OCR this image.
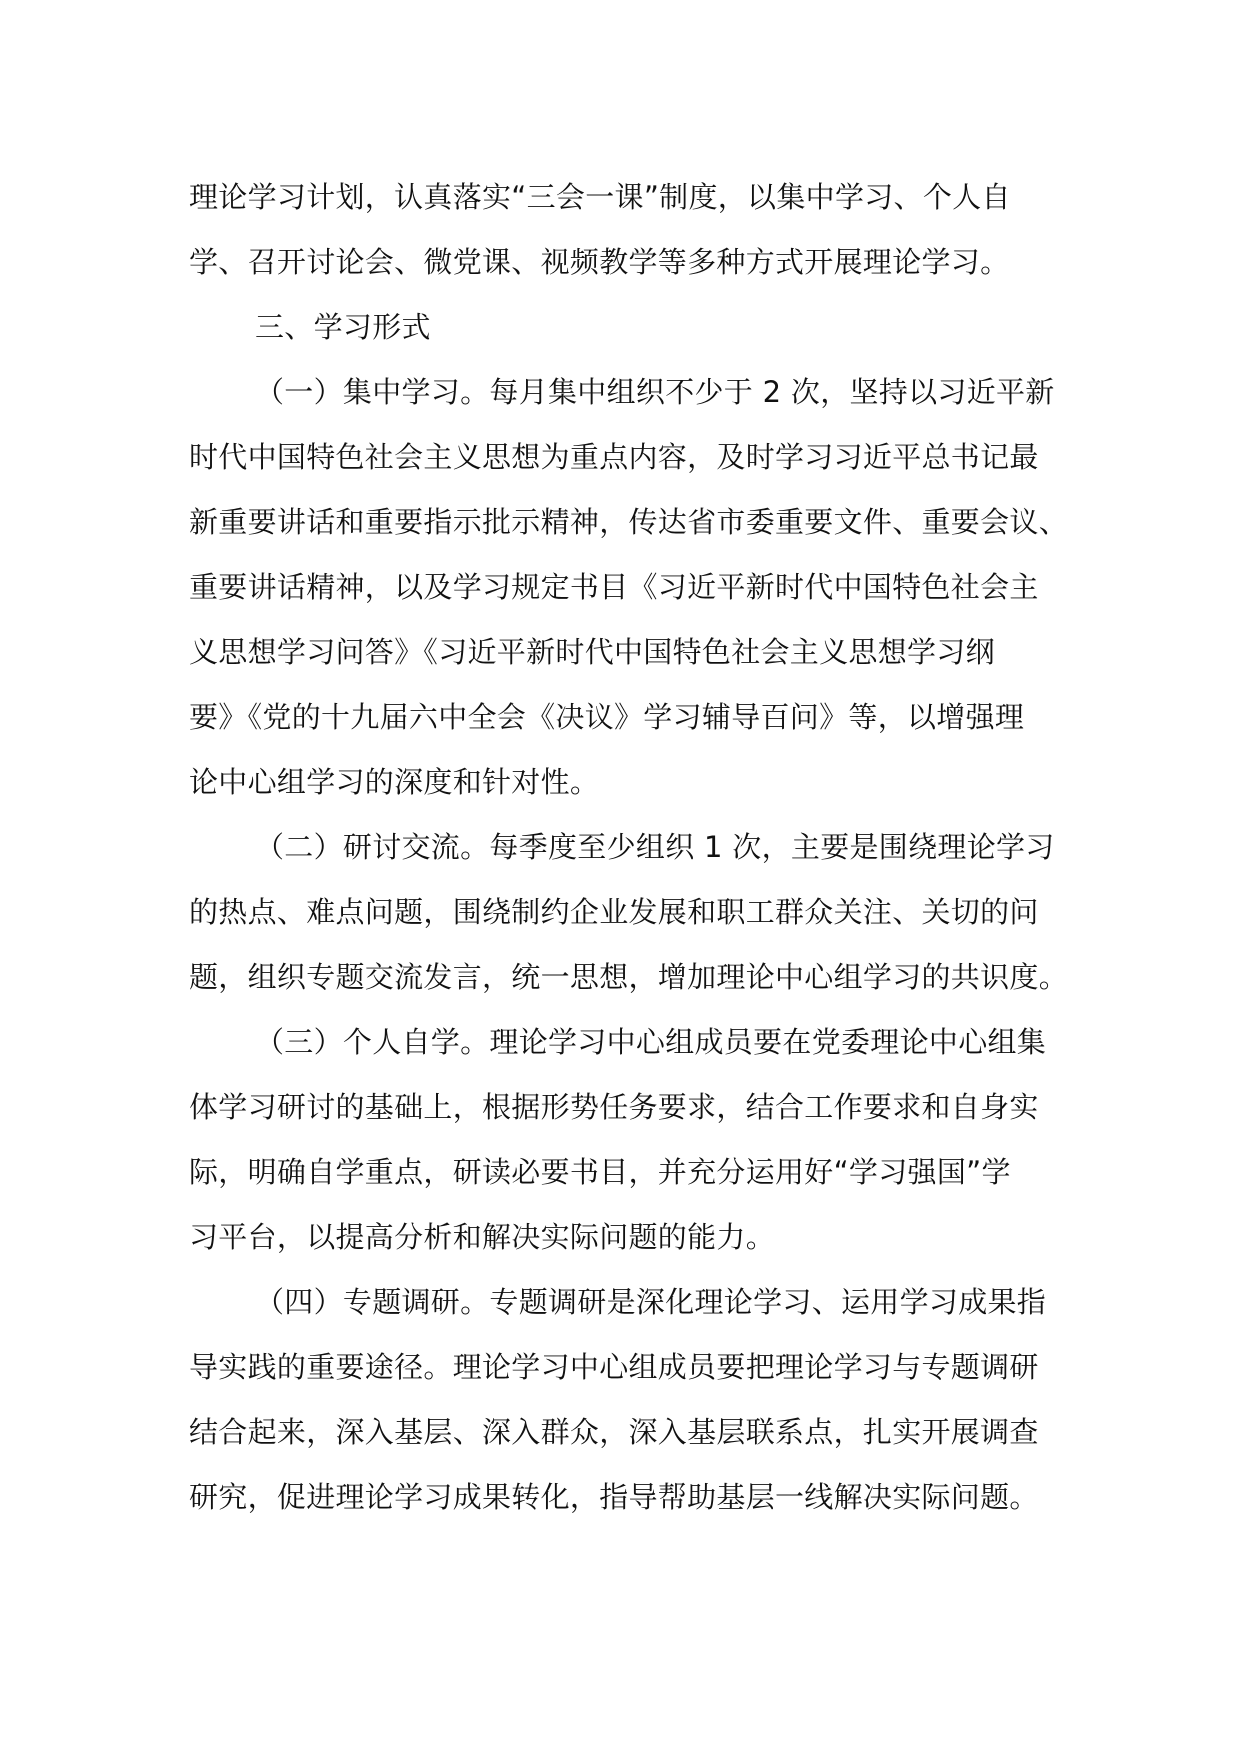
理论学习计划，认真落实“三会一课”制度，以集中学习、个人自
学、召开讨论会、微党课、视频教学等多种方式开展理论学习。
三、学习形式
（一）集中学习。每月集中组织不少于 2 次，坚持以习近平新
时代中国特色社会主义思想为重点内容，及时学习习近平总书记最
新重要讲话和重要指示批示精神，传达省市委重要文件、重要会议、
重要讲话精神，以及学习规定书目《习近平新时代中国特色社会主
义思想学习问答》《习近平新时代中国特色社会主义思想学习纲
要》《党的十九届六中全会《决议》学习辅导百问》等，以增强理
论中心组学习的深度和针对性。
（二）研讨交流。每季度至少组织 1 次，主要是围绕理论学习
的热点、难点问题，围绕制约企业发展和职工群众关注、关切的问
题，组织专题交流发言，统一思想，增加理论中心组学习的共识度。
（三）个人自学。理论学习中心组成员要在党委理论中心组集
体学习研讨的基础上，根据形势任务要求，结合工作要求和自身实
际，明确自学重点，研读必要书目，并充分运用好“学习强国”学
习平台，以提高分析和解决实际问题的能力。
（四）专题调研。专题调研是深化理论学习、运用学习成果指
导实践的重要途径。理论学习中心组成员要把理论学习与专题调研
结合起来，深入基层、深入群众，深入基层联系点，扎实开展调查
研究，促进理论学习成果转化，指导帮助基层一线解决实际问题。
